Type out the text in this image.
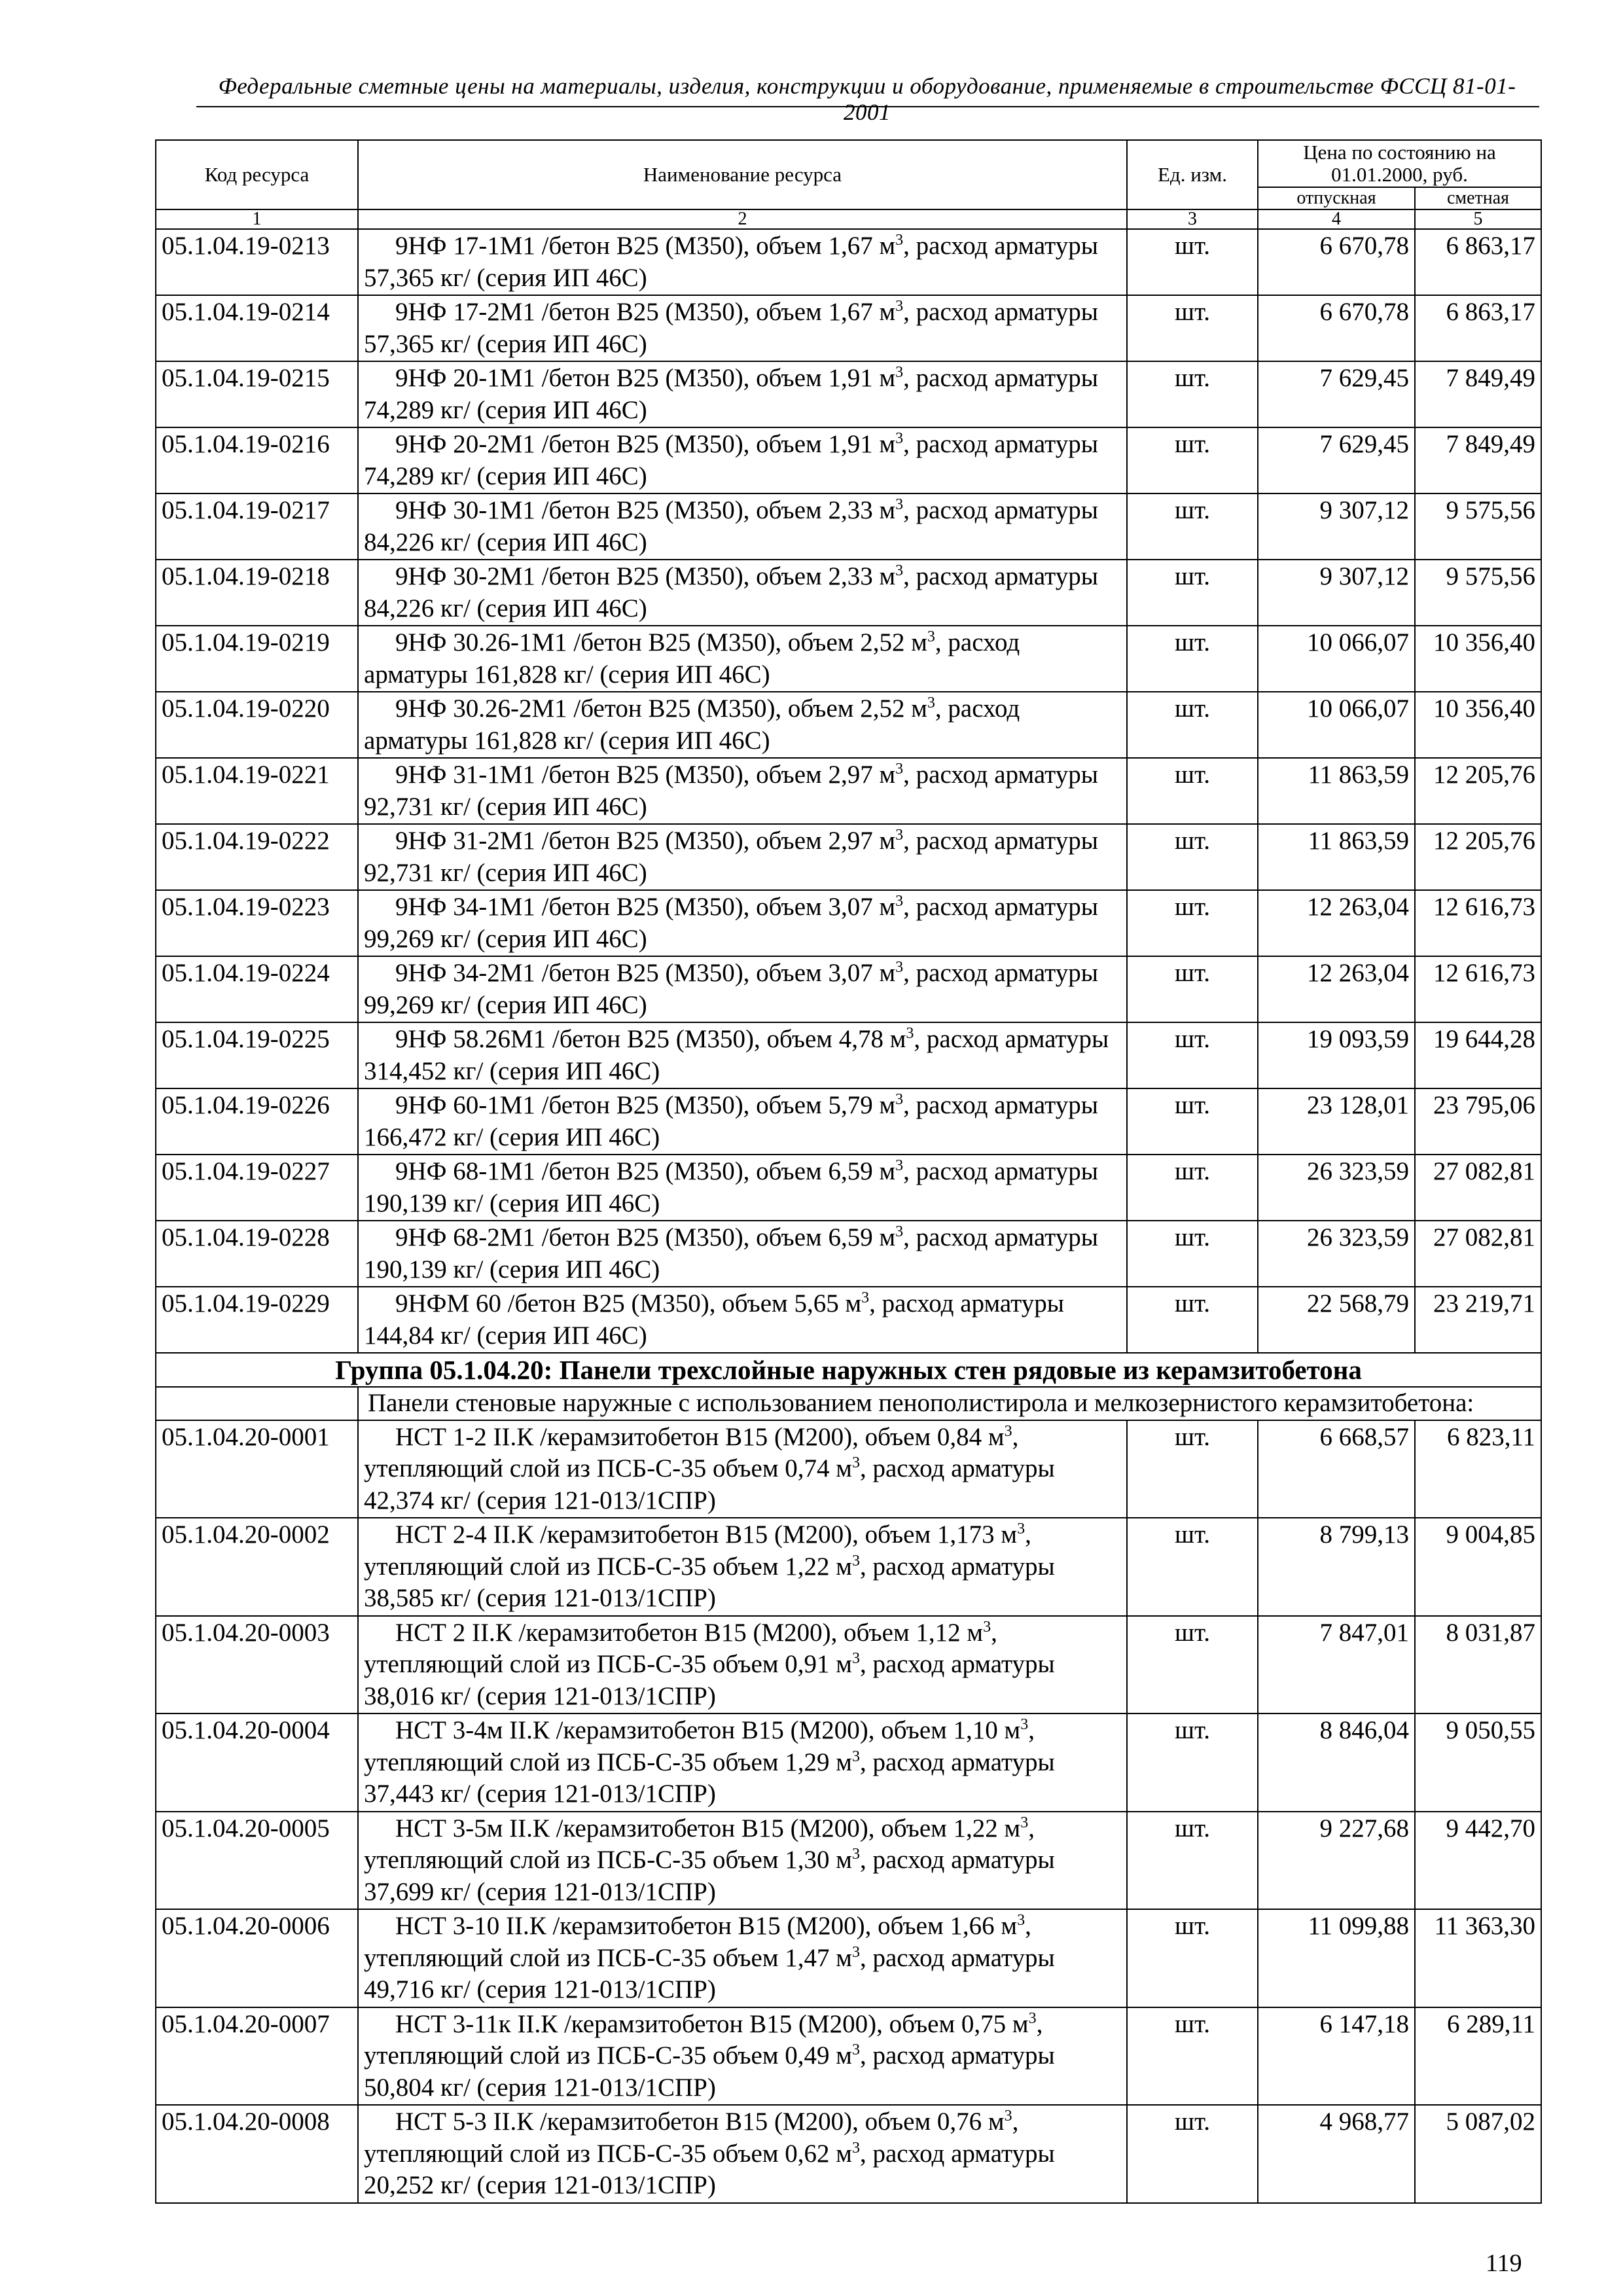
Федеральные сметные цены на материалы, изделия, конструкции и оборудование, применяемые в строительстве ФССЦ 81-01-2001
Код ресурса	Наименование ресурса	Ед. изм.	Цена по состоянию на 01.01.2000, руб.	
			отпускная	сметная
1	2	3	4	5
05.1.04.19-0213	9НФ 17-1М1 /бетон В25 (М350), объем 1,67 $м^3$, расход арматуры 57,365 кг/ (серия ИП 46С)	шт.	6 670,78	6 863,17
05.1.04.19-0214	9НФ 17-2М1 /бетон В25 (М350), объем 1,67 $м^3$, расход арматуры 57,365 кг/ (серия ИП 46С)	шт.	6 670,78	6 863,17
05.1.04.19-0215	9НФ 20-1М1 /бетон В25 (М350), объем 1,91 $м^3$, расход арматуры 74,289 кг/ (серия ИП 46С)	шт.	7 629,45	7 849,49
05.1.04.19-0216	9НФ 20-2М1 /бетон В25 (М350), объем 1,91 $м^3$, расход арматуры 74,289 кг/ (серия ИП 46С)	шт.	7 629,45	7 849,49
05.1.04.19-0217	9НФ 30-1М1 /бетон В25 (М350), объем 2,33 $м^3$, расход арматуры 84,226 кг/ (серия ИП 46С)	шт.	9 307,12	9 575,56
05.1.04.19-0218	9НФ 30-2М1 /бетон В25 (М350), объем 2,33 $м^3$, расход арматуры 84,226 кг/ (серия ИП 46С)	шт.	9 307,12	9 575,56
05.1.04.19-0219	9НФ 30.26-1М1 /бетон В25 (М350), объем 2,52 $м^3$, расход арматуры 161,828 кг/ (серия ИП 46С)	шт.	10 066,07	10 356,40
05.1.04.19-0220	9НФ 30.26-2М1 /бетон В25 (М350), объем 2,52 $м^3$, расход арматуры 161,828 кг/ (серия ИП 46С)	шт.	10 066,07	10 356,40
05.1.04.19-0221	9НФ 31-1М1 /бетон В25 (М350), объем 2,97 $м^3$, расход арматуры 92,731 кг/ (серия ИП 46С)	шт.	11 863,59	12 205,76
05.1.04.19-0222	9НФ 31-2М1 /бетон В25 (М350), объем 2,97 $м^3$, расход арматуры 92,731 кг/ (серия ИП 46С)	шт.	11 863,59	12 205,76
05.1.04.19-0223	9НФ 34-1М1 /бетон В25 (М350), объем 3,07 $м^3$, расход арматуры 99,269 кг/ (серия ИП 46С)	шт.	12 263,04	12 616,73
05.1.04.19-0224	9НФ 34-2М1 /бетон В25 (М350), объем 3,07 $м^3$, расход арматуры 99,269 кг/ (серия ИП 46С)	шт.	12 263,04	12 616,73
05.1.04.19-0225	9НФ 58.26М1 /бетон В25 (М350), объем 4,78 $м^3$, расход арматуры 314,452 кг/ (серия ИП 46С)	шт.	19 093,59	19 644,28
05.1.04.19-0226	9НФ 60-1М1 /бетон В25 (М350), объем 5,79 $м^3$, расход арматуры 166,472 кг/ (серия ИП 46С)	шт.	23 128,01	23 795,06
05.1.04.19-0227	9НФ 68-1М1 /бетон В25 (М350), объем 6,59 $м^3$, расход арматуры 190,139 кг/ (серия ИП 46С)	шт.	26 323,59	27 082,81
05.1.04.19-0228	9НФ 68-2М1 /бетон В25 (М350), объем 6,59 $м^3$, расход арматуры 190,139 кг/ (серия ИП 46С)	шт.	26 323,59	27 082,81
05.1.04.19-0229	9НФМ 60 /бетон В25 (М350), объем 5,65 $м^3$, расход арматуры 144,84 кг/ (серия ИП 46С)	шт.	22 568,79	23 219,71
Группа 05.1.04.20: Панели трехслойные наружных стен рядовые из керамзитобетона				
	Панели стеновые наружные с использованием пенополистирола и мелкозернистого керамзитобетона:			
05.1.04.20-0001	НСТ 1-2 II.К /керамзитобетон В15 (М200), объем 0,84 $м^3$, утепляющий слой из ПСБ-С-35 объем 0,74 $м^3$, расход арматуры 42,374 кг/ (серия 121-013/1СПР)	шт.	6 668,57	6 823,11
05.1.04.20-0002	НСТ 2-4 II.К /керамзитобетон В15 (М200), объем 1,173 $м^3$, утепляющий слой из ПСБ-С-35 объем 1,22 $м^3$, расход арматуры 38,585 кг/ (серия 121-013/1СПР)	шт.	8 799,13	9 004,85
05.1.04.20-0003	НСТ 2 II.К /керамзитобетон В15 (М200), объем 1,12 $м^3$, утепляющий слой из ПСБ-С-35 объем 0,91 $м^3$, расход арматуры 38,016 кг/ (серия 121-013/1СПР)	шт.	7 847,01	8 031,87
05.1.04.20-0004	НСТ 3-4м II.К /керамзитобетон В15 (М200), объем 1,10 $м^3$, утепляющий слой из ПСБ-С-35 объем 1,29 $м^3$, расход арматуры 37,443 кг/ (серия 121-013/1СПР)	шт.	8 846,04	9 050,55
05.1.04.20-0005	НСТ 3-5м II.К /керамзитобетон В15 (М200), объем 1,22 $м^3$, утепляющий слой из ПСБ-С-35 объем 1,30 $м^3$, расход арматуры 37,699 кг/ (серия 121-013/1СПР)	шт.	9 227,68	9 442,70
05.1.04.20-0006	НСТ 3-10 II.К /керамзитобетон В15 (М200), объем 1,66 $м^3$, утепляющий слой из ПСБ-С-35 объем 1,47 $м^3$, расход арматуры 49,716 кг/ (серия 121-013/1СПР)	шт.	11 099,88	11 363,30
05.1.04.20-0007	НСТ 3-11к II.К /керамзитобетон В15 (М200), объем 0,75 $м^3$, утепляющий слой из ПСБ-С-35 объем 0,49 $м^3$, расход арматуры 50,804 кг/ (серия 121-013/1СПР)	шт.	6 147,18	6 289,11
05.1.04.20-0008	НСТ 5-3 II.К /керамзитобетон В15 (М200), объем 0,76 $м^3$, утепляющий слой из ПСБ-С-35 объем 0,62 $м^3$, расход арматуры 20,252 кг/ (серия 121-013/1СПР)	шт.	4 968,77	5 087,02
119
